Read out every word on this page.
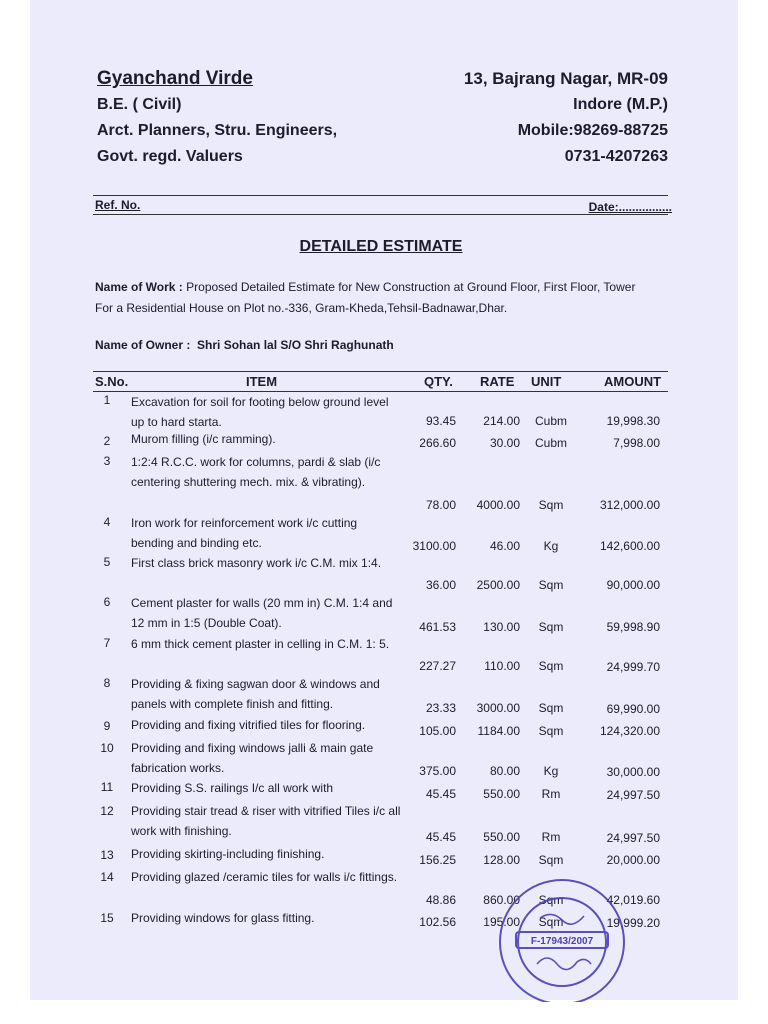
Gyanchand Virde
B.E. ( Civil)
Arct. Planners, Stru. Engineers,
Govt. regd. Valuers
13, Bajrang Nagar, MR-09
Indore (M.P.)
Mobile:98269-88725
0731-4207263
Ref. No.	Date:................
DETAILED ESTIMATE
Name of Work : Proposed Detailed Estimate for New Construction at Ground Floor, First Floor, Tower For a Residential House on Plot no.-336, Gram-Kheda,Tehsil-Badnawar,Dhar.
Name of Owner : Shri Sohan lal S/O Shri Raghunath
S.No.	ITEM	QTY. RATE UNIT	AMOUNT
1	Excavation for soil for footing below ground level up to hard starta.	93.45	214.00	Cubm	19,998.30
2	Murom filling (i/c ramming).	266.60	30.00	Cubm	7,998.00
3	1:2:4 R.C.C. work for columns, pardi & slab (i/c centering shuttering mech. mix. & vibrating).
78.00	4000.00	Sqm	312,000.00
4	Iron work for reinforcement work i/c cutting bending and binding etc.	3100.00	46.00	Kg	142,600.00
5	First class brick masonry work i/c C.M. mix 1:4.
36.00	2500.00	Sqm	90,000.00
6	Cement plaster for walls (20 mm in) C.M. 1:4 and 12 mm in 1:5 (Double Coat).	461.53	130.00	Sqm	59,998.90
7	6 mm thick cement plaster in celling in C.M. 1: 5.
227.27	110.00	Sqm	24,999.70
8	Providing & fixing sagwan door & windows and panels with complete finish and fitting.	23.33	3000.00	Sqm	69,990.00
9	Providing and fixing vitrified tiles for flooring.	105.00	1184.00	Sqm	124,320.00
10	Providing and fixing windows jalli & main gate fabrication works.	375.00	80.00	Kg	30,000.00
11	Providing S.S. railings I/c all work with	45.45	550.00	Rm	24,997.50
12	Providing stair tread & riser with vitrified Tiles i/c all work with finishing.	45.45	550.00	Rm	24,997.50
13	Providing skirting-including finishing.	156.25	128.00	Sqm	20,000.00
14	Providing glazed /ceramic tiles for walls i/c fittings.
48.86	860.00	Sqm	42,019.60
15	Providing windows for glass fitting.	102.56	195.00	Sqm	19,999.20
F-17943/2007
